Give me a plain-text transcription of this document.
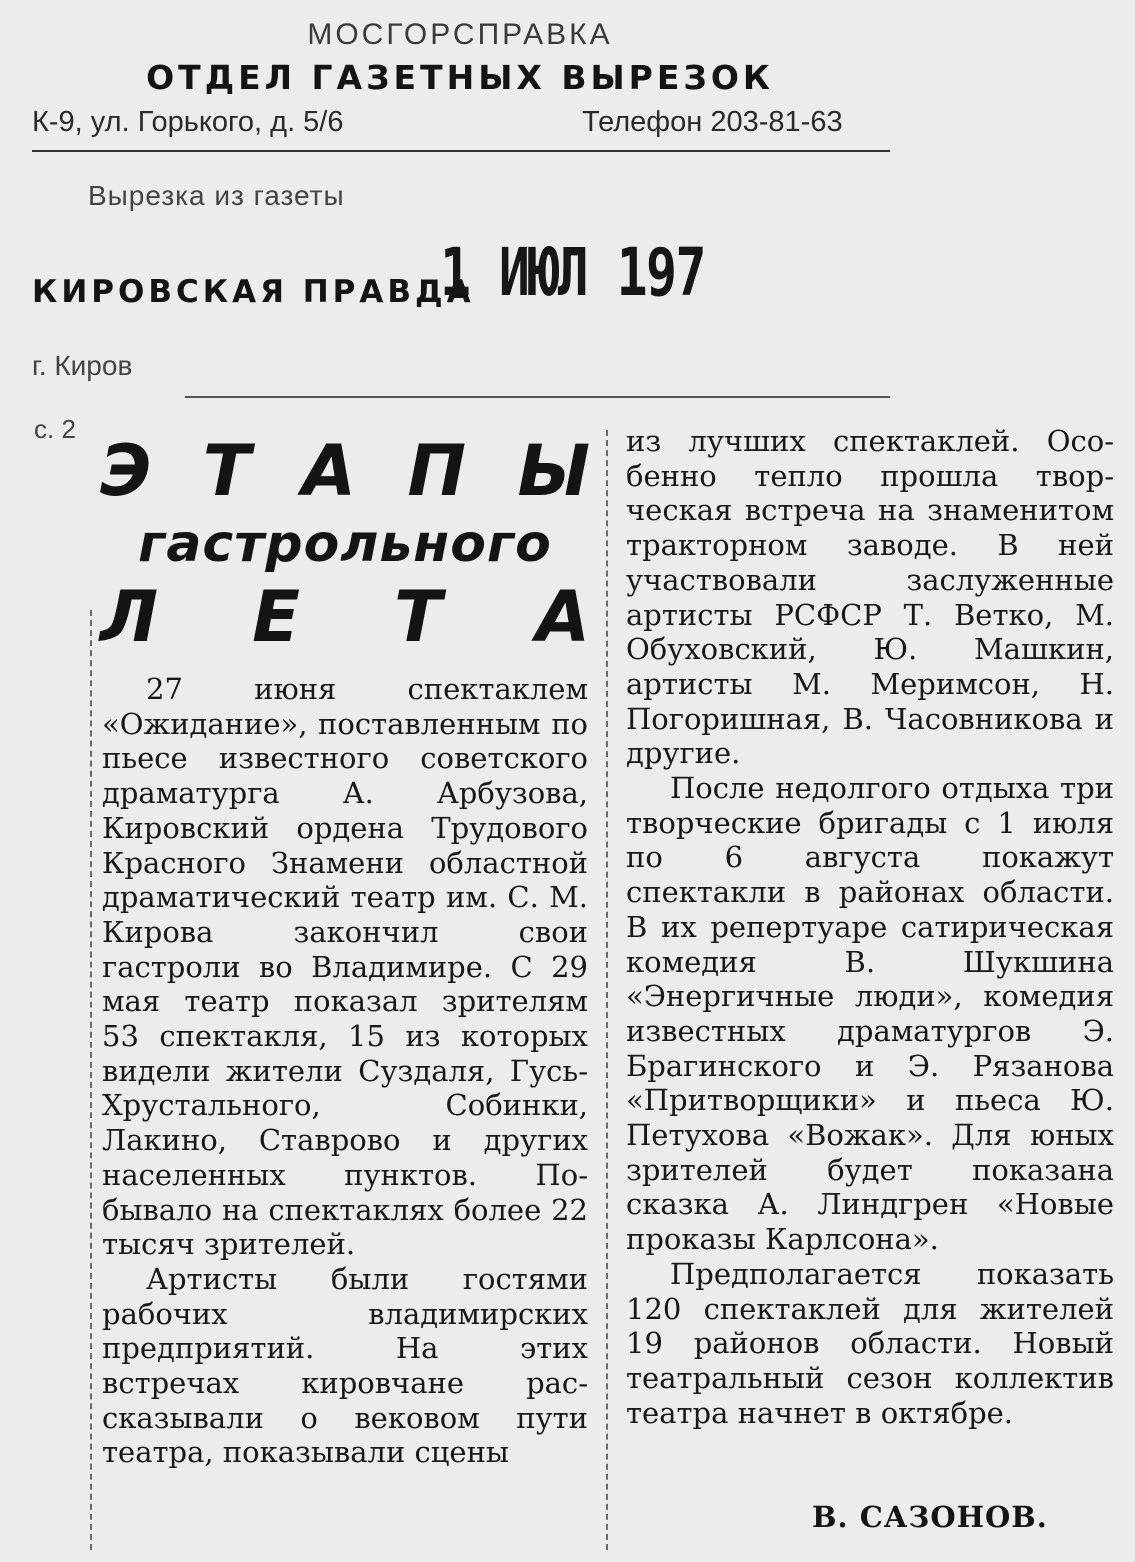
МОСГОРСПРАВКА
ОТДЕЛ ГАЗЕТНЫХ ВЫРЕЗОК
К-9, ул. Горького, д. 5/6	Телефон 203-81-63
Вырезка из газеты
КИРОВСКАЯ ПРАВДА
1 ИЮЛ 197
г. Киров
с. 2
Э Т А П Ы
гастрольного
Л Е Т А

27 июня спектаклем «Ожидание», поставленным по пьесе известного советского драматурга А. Арбузова, Кировский ордена Трудового Красного Знамени областной драматический театр им. С. М. Кирова закончил свои гастроли во Владимире. С 29 мая театр показал зрителям 53 спектакля, 15 из которых видели жители Суздаля, Гусь-Хрустального, Собинки, Лакино, Ставрово и других населенных пунктов. Побывало на спектаклях более 22 тысяч зрителей.

Артисты были гостями рабочих владимирских предприятий. На этих встречах кировчане рассказывали о вековом пути театра, показывали сцены

из лучших спектаклей. Особенно тепло прошла творческая встреча на знаменитом тракторном заводе. В ней участвовали заслуженные артисты РСФСР Т. Ветко, М. Обуховский, Ю. Машкин, артисты М. Меримсон, Н. Погоришная, В. Часовникова и другие.

После недолгого отдыха три творческие бригады с 1 июля по 6 августа покажут спектакли в районах области. В их репертуаре сатирическая комедия В. Шукшина «Энергичные люди», комедия известных драматургов Э. Брагинского и Э. Рязанова «Притворщики» и пьеса Ю. Петухова «Вожак». Для юных зрителей будет показана сказка А. Линдгрен «Новые проказы Карлсона».

Предполагается показать 120 спектаклей для жителей 19 районов области. Новый театральный сезон коллектив театра начнет в октябре.

В. САЗОНОВ.
